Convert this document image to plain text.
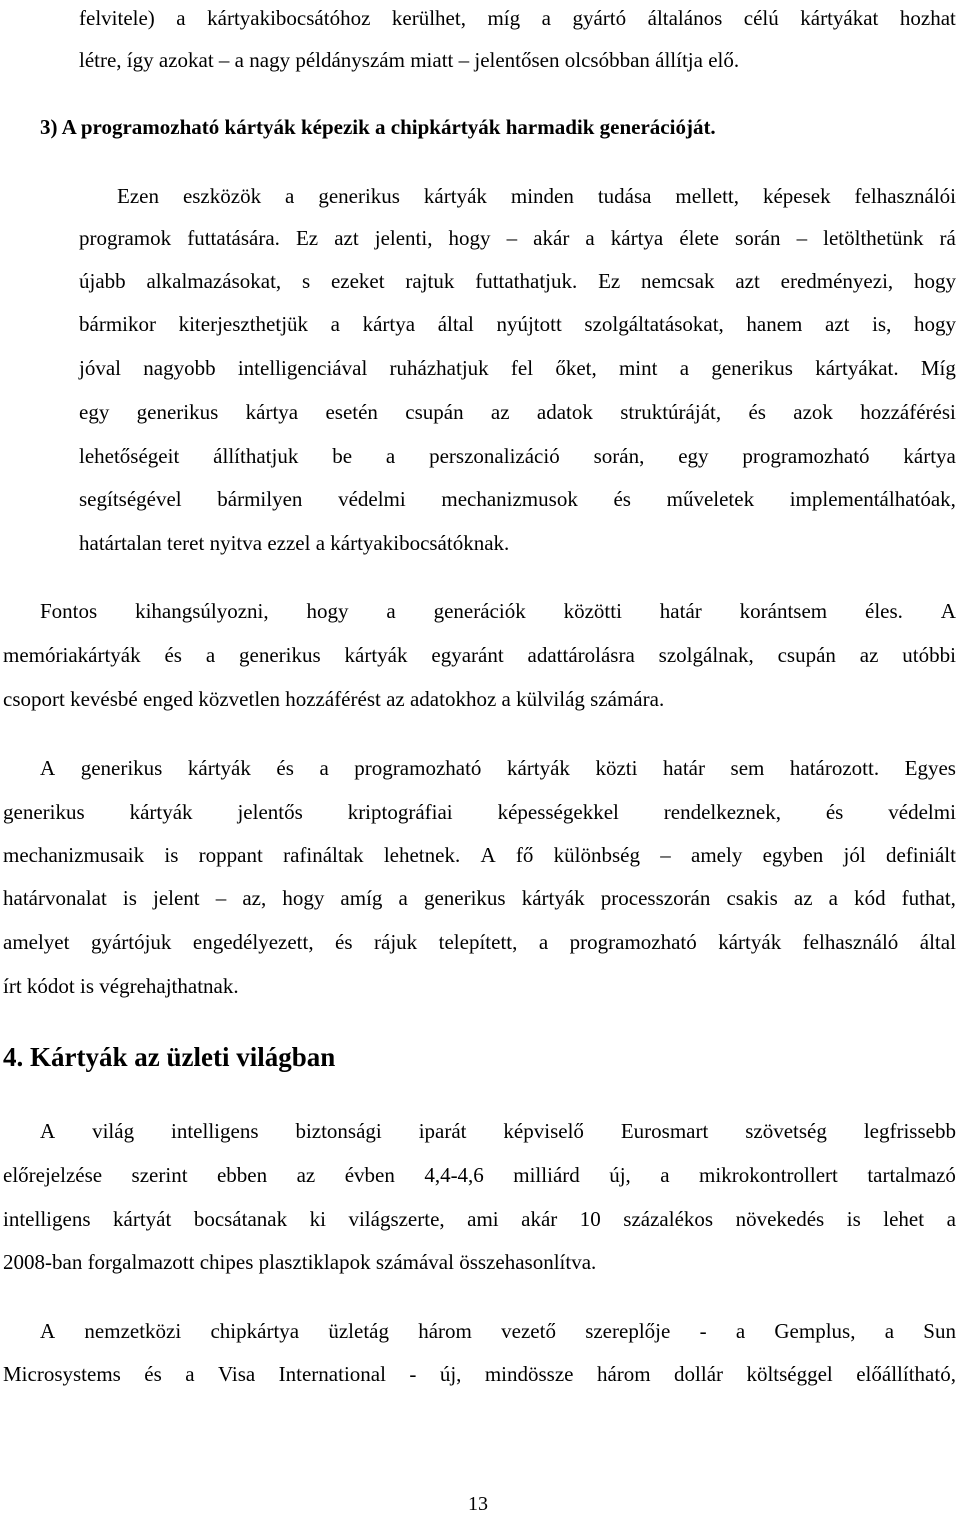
felvitele) a kártyakibocsátóhoz kerülhet, míg a gyártó általános célú kártyákat hozhat
létre, így azokat – a nagy példányszám miatt – jelentősen olcsóbban állítja elő.
3) A programozható kártyák képezik a chipkártyák harmadik generációját.
Ezen eszközök a generikus kártyák minden tudása mellett, képesek felhasználói
programok futtatására. Ez azt jelenti, hogy – akár a kártya élete során – letölthetünk rá
újabb alkalmazásokat, s ezeket rajtuk futtathatjuk. Ez nemcsak azt eredményezi, hogy
bármikor kiterjeszthetjük a kártya által nyújtott szolgáltatásokat, hanem azt is, hogy
jóval nagyobb intelligenciával ruházhatjuk fel őket, mint a generikus kártyákat. Míg
egy generikus kártya esetén csupán az adatok struktúráját, és azok hozzáférési
lehetőségeit állíthatjuk be a perszonalizáció során, egy programozható kártya
segítségével bármilyen védelmi mechanizmusok és műveletek implementálhatóak,
határtalan teret nyitva ezzel a kártyakibocsátóknak.
Fontos kihangsúlyozni, hogy a generációk közötti határ korántsem éles. A
memóriakártyák és a generikus kártyák egyaránt adattárolásra szolgálnak, csupán az utóbbi
csoport kevésbé enged közvetlen hozzáférést az adatokhoz a külvilág számára.
A generikus kártyák és a programozható kártyák közti határ sem határozott. Egyes
generikus kártyák jelentős kriptográfiai képességekkel rendelkeznek, és védelmi
mechanizmusaik is roppant rafináltak lehetnek. A fő különbség – amely egyben jól definiált
határvonalat is jelent – az, hogy amíg a generikus kártyák processzorán csakis az a kód futhat,
amelyet gyártójuk engedélyezett, és rájuk telepített, a programozható kártyák felhasználó által
írt kódot is végrehajthatnak.
4. Kártyák az üzleti világban
A világ intelligens biztonsági iparát képviselő Eurosmart szövetség legfrissebb
előrejelzése szerint ebben az évben 4,4-4,6 milliárd új, a mikrokontrollert tartalmazó
intelligens kártyát bocsátanak ki világszerte, ami akár 10 százalékos növekedés is lehet a
2008-ban forgalmazott chipes plasztiklapok számával összehasonlítva.
A nemzetközi chipkártya üzletág három vezető szereplője - a Gemplus, a Sun
Microsystems és a Visa International - új, mindössze három dollár költséggel előállítható,
13
